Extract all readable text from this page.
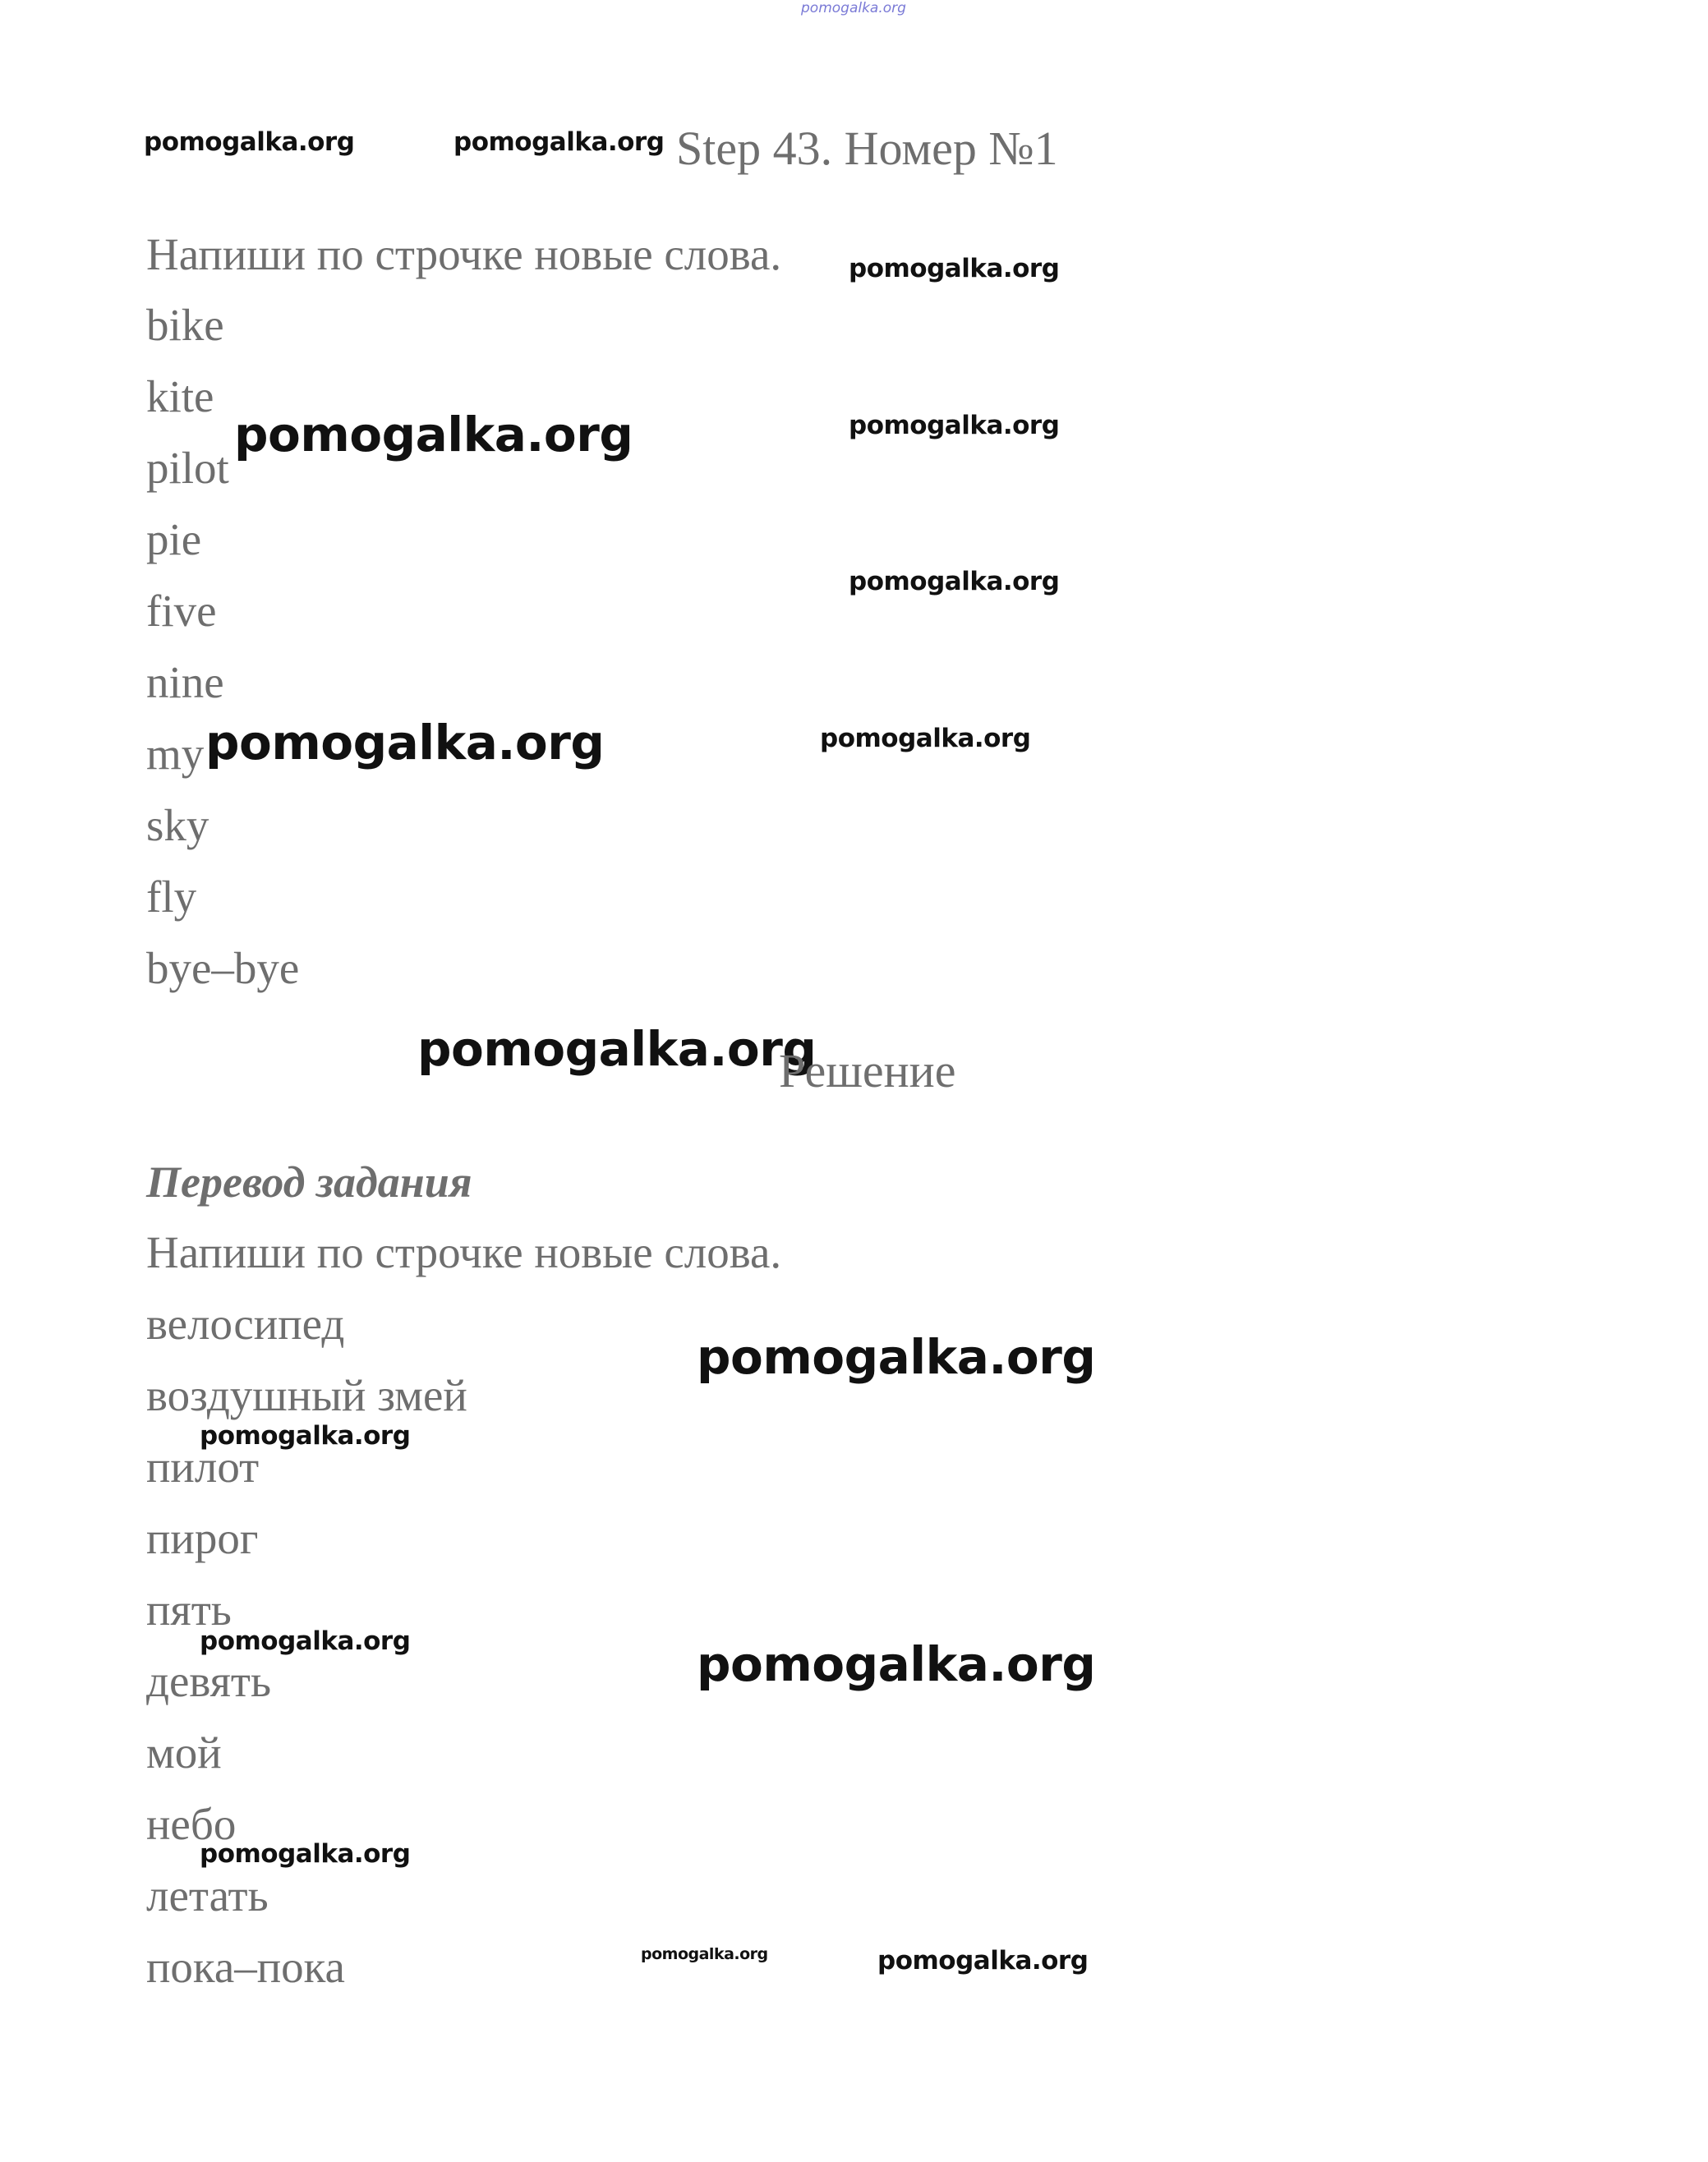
pomogalka.org
pomogalka.org	pomogalka.org Step 43. Номер №1
Напиши по строчке новые слова.	pomogalka.org
bike
kite
pilot
pie
five
nine
my
sky
fly
bye–bye
pomogalka.org	pomogalka.org
pomogalka.org
pomogalka.org	pomogalka.org
pomogalka.org
Решение
Перевод задания
Напиши по строчке новые слова.
велосипед
воздушный змей
пилот
пирог
пять
девять
мой
небо
летать
пока–пока
pomogalka.org
pomogalka.org
pomogalka.org	pomogalka.org
pomogalka.org
pomogalka.org	pomogalka.org
